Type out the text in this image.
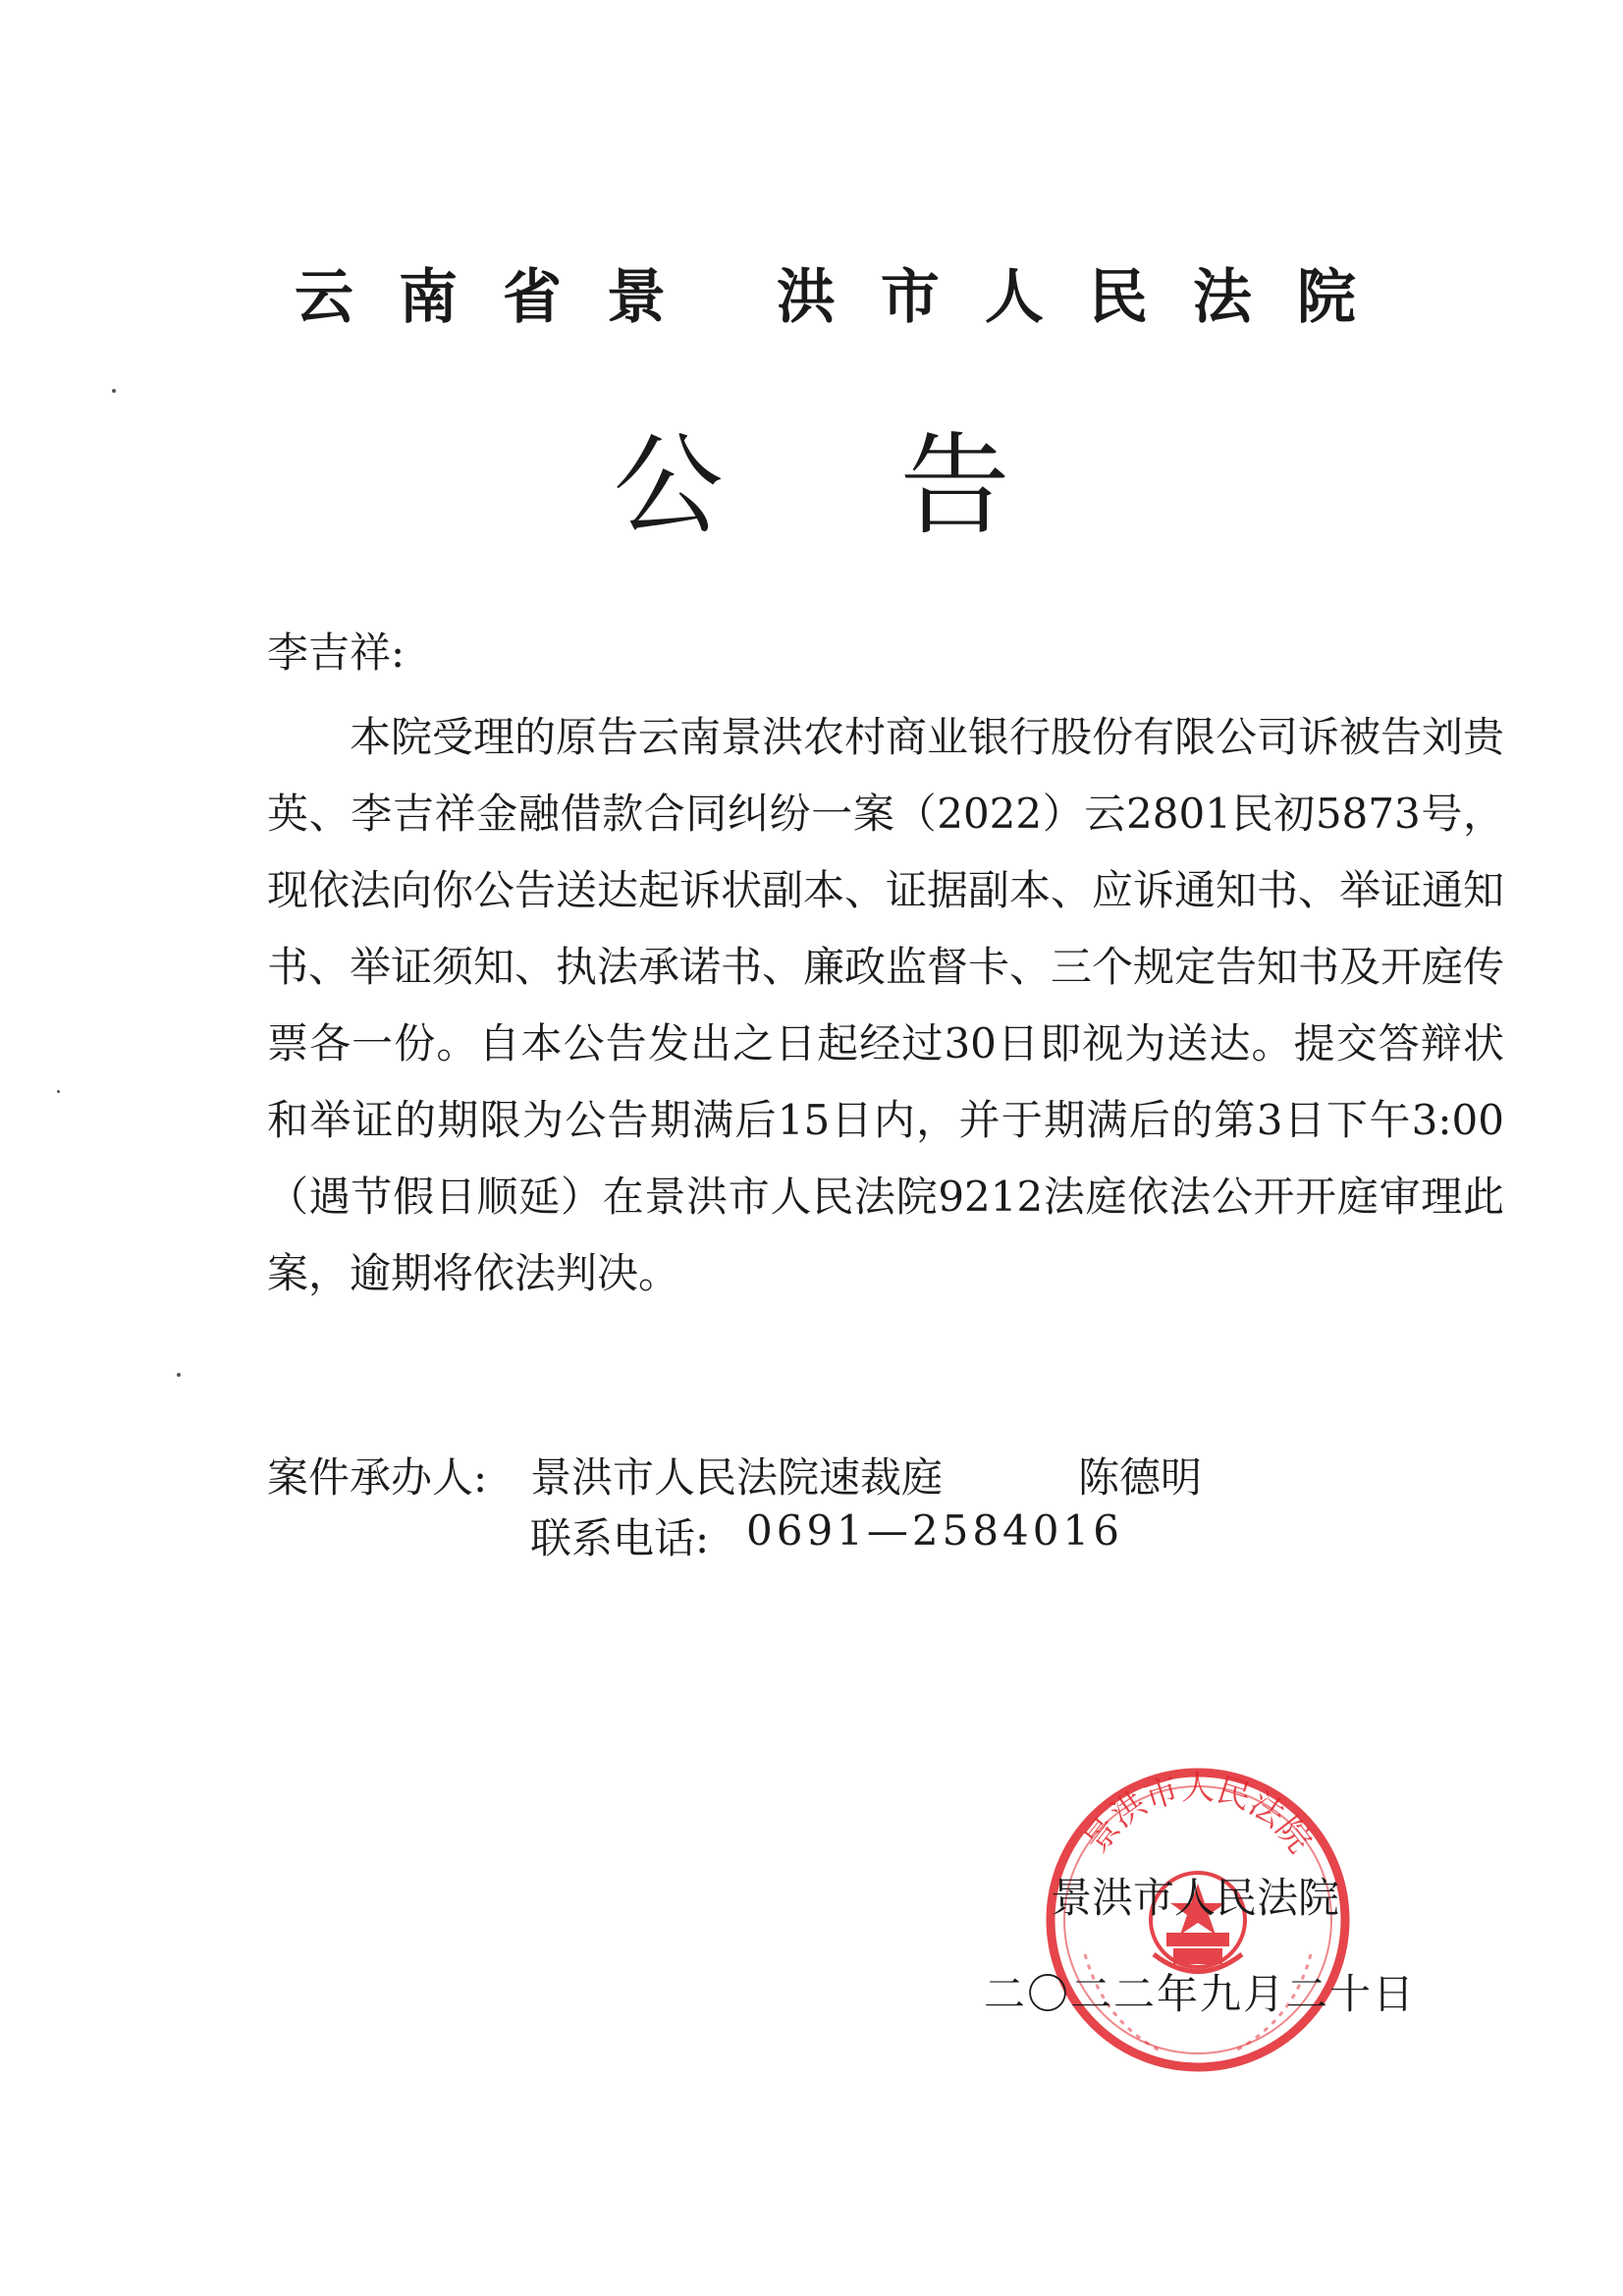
云南省景 洪市人民法院
公告
李吉祥:

本院受理的原告云南景洪农村商业银行股份有限公司诉被告刘贵英、李吉祥金融借款合同纠纷一案（2022）云2801民初5873号，现依法向你公告送达起诉状副本、证据副本、应诉通知书、举证通知书、举证须知、执法承诺书、廉政监督卡、三个规定告知书及开庭传票各一份。自本公告发出之日起经过30日即视为送达。提交答辩状和举证的期限为公告期满后15日内，并于期满后的第3日下午3:00（遇节假日顺延）在景洪市人民法院9212法庭依法公开开庭审理此案，逾期将依法判决。

案件承办人: 景洪市人民法院速裁庭	陈德明
联系电话: 0691—2584016
景洪市人民法院
景洪市人民法院
二〇二二年九月二十日
